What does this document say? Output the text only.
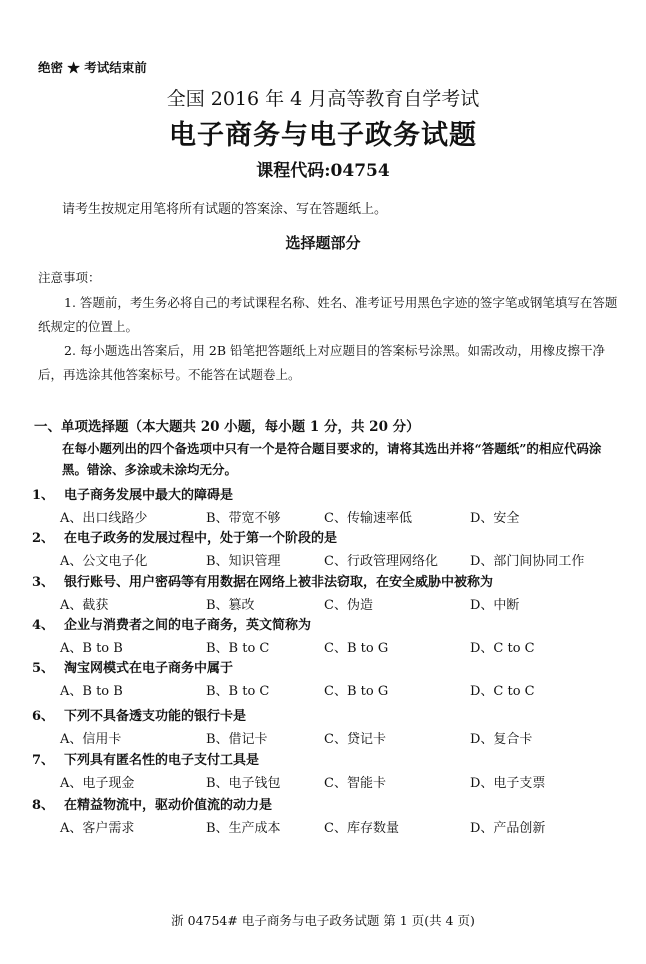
绝密 ★ 考试结束前
全国 2016 年 4 月高等教育自学考试
电子商务与电子政务试题
课程代码:04754
请考生按规定用笔将所有试题的答案涂、写在答题纸上。
选择题部分
注意事项：
1. 答题前，考生务必将自己的考试课程名称、姓名、准考证号用黑色字迹的签字笔或钢笔填写在答题纸规定的位置上。
2. 每小题选出答案后，用 2B 铅笔把答题纸上对应题目的答案标号涂黑。如需改动，用橡皮擦干净后，再选涂其他答案标号。不能答在试题卷上。
一、单项选择题（本大题共 20 小题，每小题 1 分，共 20 分）
在每小题列出的四个备选项中只有一个是符合题目要求的，请将其选出并将“答题纸”的相应代码涂黑。错涂、多涂或未涂均无分。
1、 电子商务发展中最大的障碍是
A、出口线路少	B、带宽不够	C、传输速率低	D、安全
2、 在电子政务的发展过程中，处于第一个阶段的是
A、公文电子化	B、知识管理	C、行政管理网络化 D、部门间协同工作
3、 银行账号、用户密码等有用数据在网络上被非法窃取，在安全威胁中被称为
A、截获	B、篡改	C、伪造	D、中断
4、 企业与消费者之间的电子商务，英文简称为
A、B to B	B、B to C	C、B to G	D、C to C
5、 淘宝网模式在电子商务中属于
A、B to B	B、B to C	C、B to G	D、C to C
6、 下列不具备透支功能的银行卡是
A、信用卡	B、借记卡	C、贷记卡	D、复合卡
7、 下列具有匿名性的电子支付工具是
A、电子现金	B、电子钱包	C、智能卡	D、电子支票
8、 在精益物流中，驱动价值流的动力是
A、客户需求	B、生产成本	C、库存数量	D、产品创新
浙 04754# 电子商务与电子政务试题 第 1 页(共 4 页)
